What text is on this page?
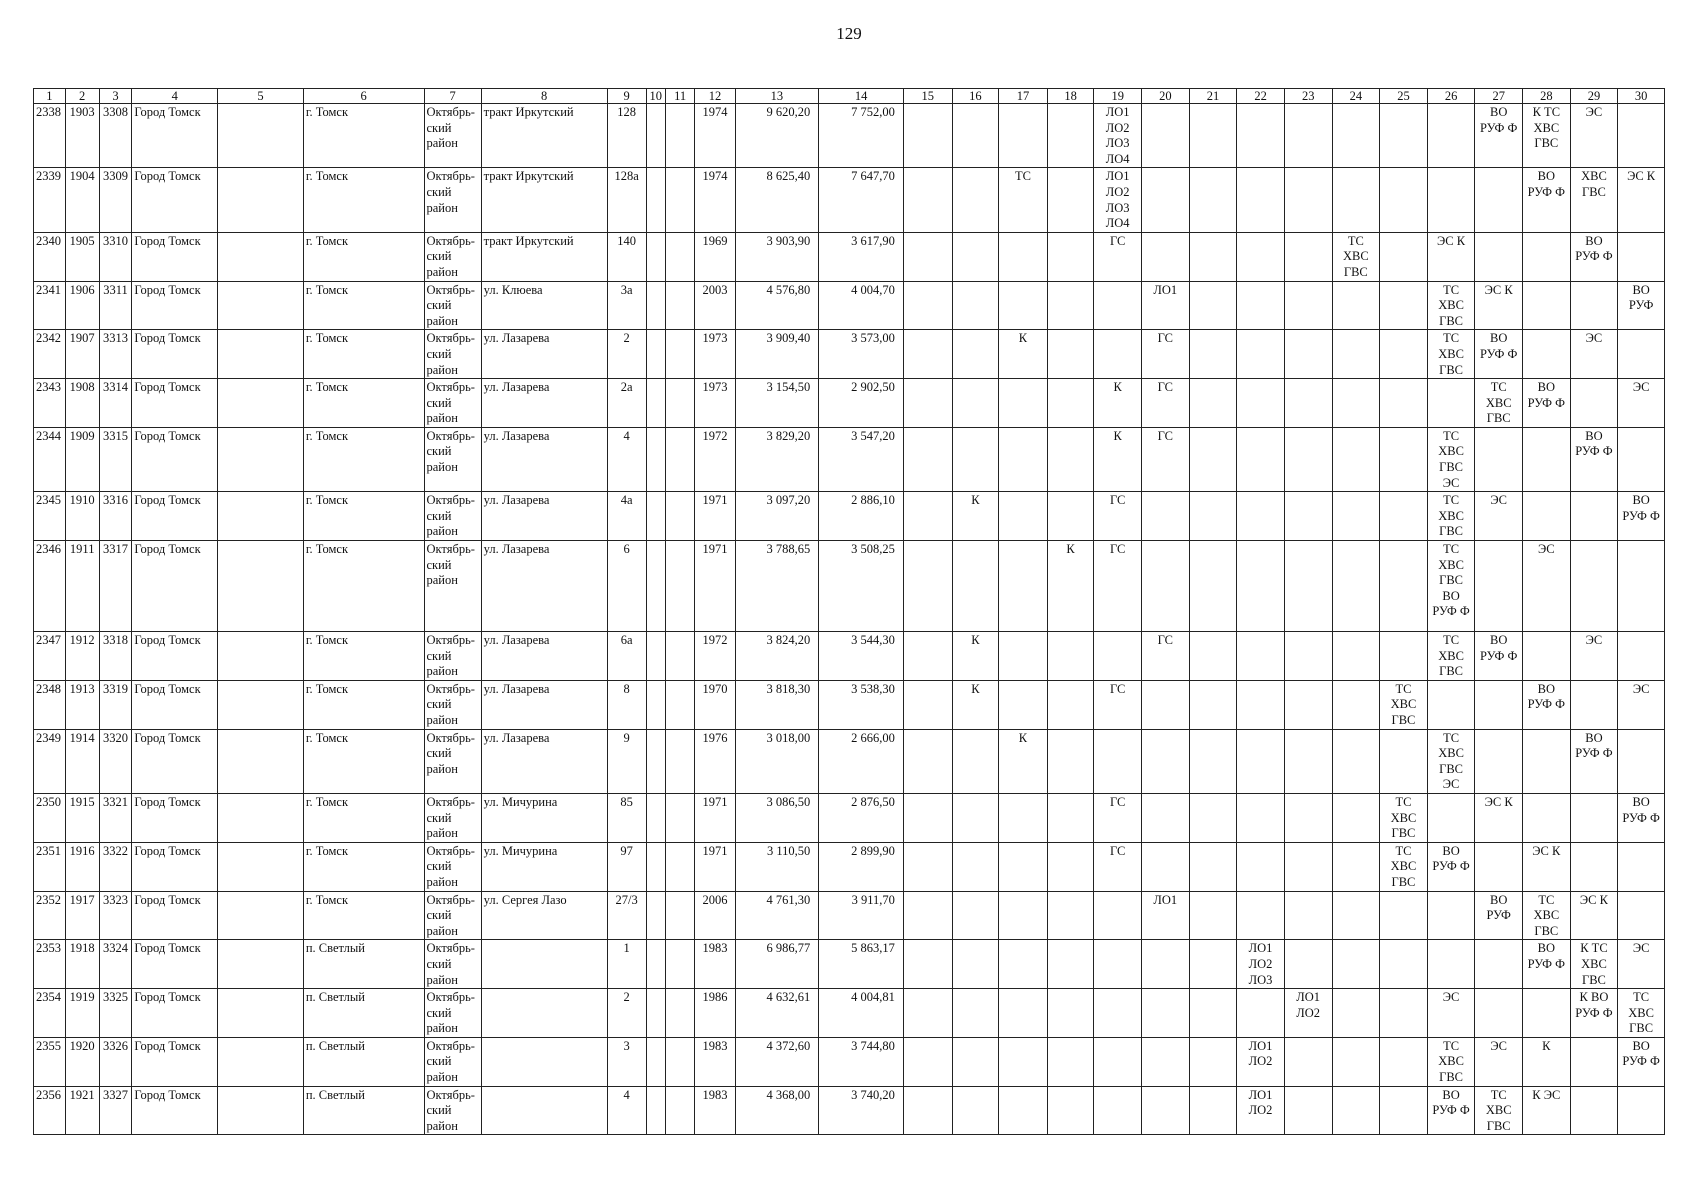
129
1	2	3	4	5	6	7	8	9	10	11	12	13	14	15	16	17	18	19	20	21	22	23	24	25	26	27	28	29	30

2338	1903	3308	Город Томск		г. Томск	Октябрь-
ский
район	тракт Иркутский	128			1974	9 620,20	7 752,00					ЛО1
ЛО2
ЛО3
ЛО4								ВО
РУФ Ф	К ТС
ХВС
ГВС	ЭС	

2339	1904	3309	Город Томск		г. Томск	Октябрь-
ский
район	тракт Иркутский	128а			1974	8 625,40	7 647,70			ТС		ЛО1
ЛО2
ЛО3
ЛО4									ВО
РУФ Ф	ХВС
ГВС	ЭС К

2340	1905	3310	Город Томск		г. Томск	Октябрь-
ский
район	тракт Иркутский	140			1969	3 903,90	3 617,90					ГС					ТС
ХВС
ГВС		ЭС К			ВО
РУФ Ф	

2341	1906	3311	Город Томск		г. Томск	Октябрь-
ский
район	ул. Клюева	3а			2003	4 576,80	4 004,70						ЛО1						ТС
ХВС
ГВС	ЭС К			ВО
РУФ

2342	1907	3313	Город Томск		г. Томск	Октябрь-
ский
район	ул. Лазарева	2			1973	3 909,40	3 573,00			К			ГС						ТС
ХВС
ГВС	ВО
РУФ Ф		ЭС	

2343	1908	3314	Город Томск		г. Томск	Октябрь-
ский
район	ул. Лазарева	2а			1973	3 154,50	2 902,50					К	ГС							ТС
ХВС
ГВС	ВО
РУФ Ф		ЭС

2344	1909	3315	Город Томск		г. Томск	Октябрь-
ский
район	ул. Лазарева	4			1972	3 829,20	3 547,20					К	ГС						ТС
ХВС
ГВС
ЭС			ВО
РУФ Ф	

2345	1910	3316	Город Томск		г. Томск	Октябрь-
ский
район	ул. Лазарева	4а			1971	3 097,20	2 886,10		К			ГС							ТС
ХВС
ГВС	ЭС			ВО
РУФ Ф

2346	1911	3317	Город Томск		г. Томск	Октябрь-
ский
район	ул. Лазарева	6			1971	3 788,65	3 508,25				К	ГС							ТС
ХВС
ГВС
ВО
РУФ Ф		ЭС		

2347	1912	3318	Город Томск		г. Томск	Октябрь-
ский
район	ул. Лазарева	6а			1972	3 824,20	3 544,30		К				ГС						ТС
ХВС
ГВС	ВО
РУФ Ф		ЭС	

2348	1913	3319	Город Томск		г. Томск	Октябрь-
ский
район	ул. Лазарева	8			1970	3 818,30	3 538,30		К			ГС						ТС
ХВС
ГВС			ВО
РУФ Ф		ЭС

2349	1914	3320	Город Томск		г. Томск	Октябрь-
ский
район	ул. Лазарева	9			1976	3 018,00	2 666,00			К									ТС
ХВС
ГВС
ЭС			ВО
РУФ Ф	

2350	1915	3321	Город Томск		г. Томск	Октябрь-
ский
район	ул. Мичурина	85			1971	3 086,50	2 876,50					ГС						ТС
ХВС
ГВС		ЭС К			ВО
РУФ Ф

2351	1916	3322	Город Томск		г. Томск	Октябрь-
ский
район	ул. Мичурина	97			1971	3 110,50	2 899,90					ГС						ТС
ХВС
ГВС	ВО
РУФ Ф		ЭС К		

2352	1917	3323	Город Томск		г. Томск	Октябрь-
ский
район	ул. Сергея Лазо	27/3			2006	4 761,30	3 911,70						ЛО1							ВО
РУФ	ТС
ХВС
ГВС	ЭС К	

2353	1918	3324	Город Томск		п. Светлый	Октябрь-
ский
район		1			1983	6 986,77	5 863,17								ЛО1
ЛО2
ЛО3						ВО
РУФ Ф	К ТС
ХВС
ГВС	ЭС

2354	1919	3325	Город Томск		п. Светлый	Октябрь-
ский
район		2			1986	4 632,61	4 004,81									ЛО1
ЛО2			ЭС			К ВО
РУФ Ф	ТС
ХВС
ГВС

2355	1920	3326	Город Томск		п. Светлый	Октябрь-
ский
район		3			1983	4 372,60	3 744,80								ЛО1
ЛО2				ТС
ХВС
ГВС	ЭС	К		ВО
РУФ Ф

2356	1921	3327	Город Томск		п. Светлый	Октябрь-
ский
район		4			1983	4 368,00	3 740,20								ЛО1
ЛО2				ВО
РУФ Ф	ТС
ХВС
ГВС	К ЭС		
